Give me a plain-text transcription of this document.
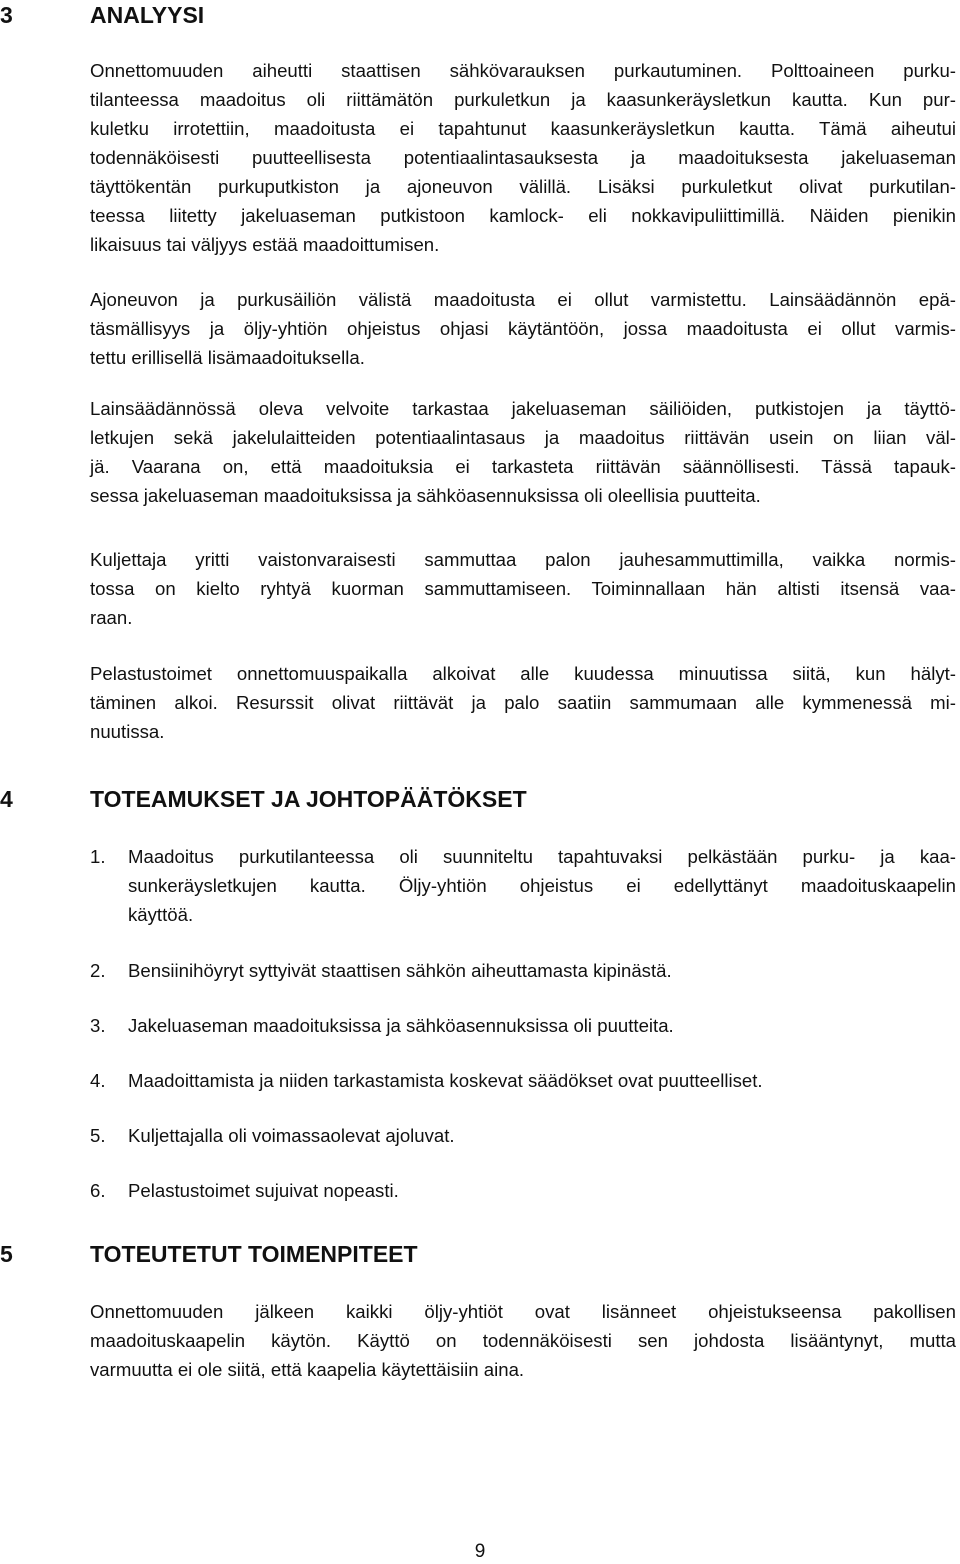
3	ANALYYSI

Onnettomuuden aiheutti staattisen sähkövarauksen purkautuminen. Polttoaineen purku-
tilanteessa maadoitus oli riittämätön purkuletkun ja kaasunkeräysletkun kautta. Kun pur-
kuletku irrotettiin, maadoitusta ei tapahtunut kaasunkeräysletkun kautta. Tämä aiheutui
todennäköisesti puutteellisesta potentiaalintasauksesta ja maadoituksesta jakeluaseman
täyttökentän purkuputkiston ja ajoneuvon välillä. Lisäksi purkuletkut olivat purkutilan-
teessa liitetty jakeluaseman putkistoon kamlock- eli nokkavipuliittimillä. Näiden pienikin
likaisuus tai väljyys estää maadoittumisen.

Ajoneuvon ja purkusäiliön välistä maadoitusta ei ollut varmistettu. Lainsäädännön epä-
täsmällisyys ja öljy-yhtiön ohjeistus ohjasi käytäntöön, jossa maadoitusta ei ollut varmis-
tettu erillisellä lisämaadoituksella.

Lainsäädännössä oleva velvoite tarkastaa jakeluaseman säiliöiden, putkistojen ja täyttö-
letkujen sekä jakelulaitteiden potentiaalintasaus ja maadoitus riittävän usein on liian väl-
jä. Vaarana on, että maadoituksia ei tarkasteta riittävän säännöllisesti. Tässä tapauk-
sessa jakeluaseman maadoituksissa ja sähköasennuksissa oli oleellisia puutteita.

Kuljettaja yritti vaistonvaraisesti sammuttaa palon jauhesammuttimilla, vaikka normis-
tossa on kielto ryhtyä kuorman sammuttamiseen. Toiminnallaan hän altisti itsensä vaa-
raan.

Pelastustoimet onnettomuuspaikalla alkoivat alle kuudessa minuutissa siitä, kun hälyt-
täminen alkoi. Resurssit olivat riittävät ja palo saatiin sammumaan alle kymmenessä mi-
nuutissa.

4	TOTEAMUKSET JA JOHTOPÄÄTÖKSET
1. Maadoitus purkutilanteessa oli suunniteltu tapahtuvaksi pelkästään purku- ja kaa-
sunkeräysletkujen kautta. Öljy-yhtiön ohjeistus ei edellyttänyt maadoituskaapelin
käyttöä.
2. Bensiinihöyryt syttyivät staattisen sähkön aiheuttamasta kipinästä.
3. Jakeluaseman maadoituksissa ja sähköasennuksissa oli puutteita.
4. Maadoittamista ja niiden tarkastamista koskevat säädökset ovat puutteelliset.
5. Kuljettajalla oli voimassaolevat ajoluvat.
6. Pelastustoimet sujuivat nopeasti.
5	TOTEUTETUT TOIMENPITEET

Onnettomuuden jälkeen kaikki öljy-yhtiöt ovat lisänneet ohjeistukseensa pakollisen
maadoituskaapelin käytön. Käyttö on todennäköisesti sen johdosta lisääntynyt, mutta
varmuutta ei ole siitä, että kaapelia käytettäisiin aina.

9
